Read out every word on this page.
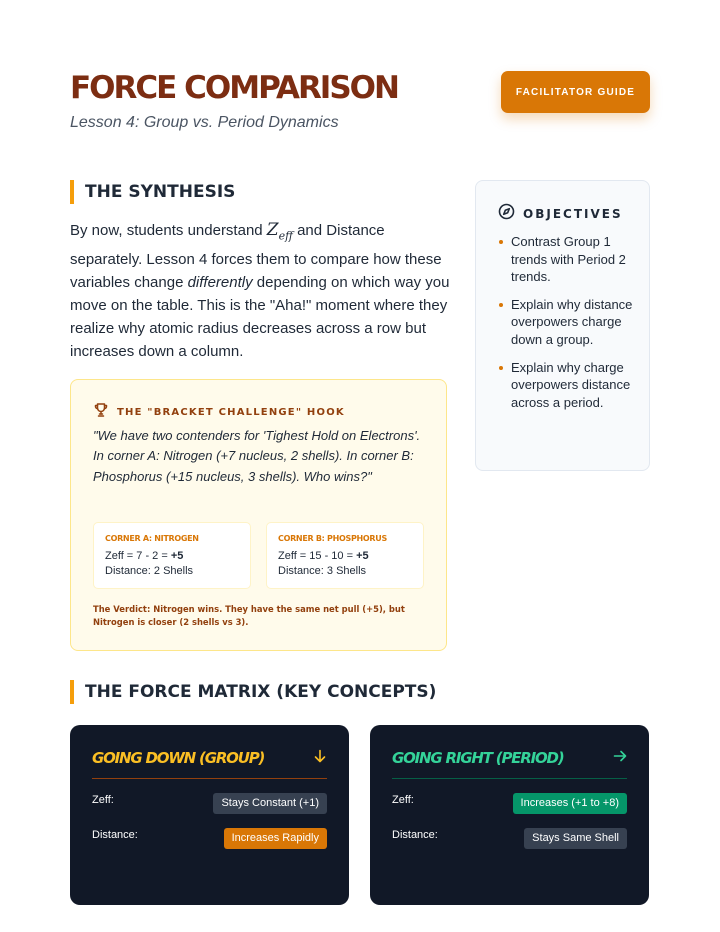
FORCE COMPARISON
Lesson 4: Group vs. Period Dynamics
FACILITATOR GUIDE
THE SYNTHESIS

By now, students understand $Z_{eff}$ and Distance separately. Lesson 4 forces them to compare how these variables change differently depending on which way you move on the table. This is the "Aha!" moment where they realize why atomic radius decreases across a row but increases down a column.

THE "BRACKET CHALLENGE" HOOK

"We have two contenders for 'Tighest Hold on Electrons'. In corner A: Nitrogen (+7 nucleus, 2 shells). In corner B: Phosphorus (+15 nucleus, 3 shells). Who wins?"

CORNER A: NITROGEN
Zeff = 7 - 2 = +5
Distance: 2 Shells
CORNER B: PHOSPHORUS
Zeff = 15 - 10 = +5
Distance: 3 Shells

The Verdict: Nitrogen wins. They have the same net pull (+5), but Nitrogen is closer (2 shells vs 3).

OBJECTIVES
Contrast Group 1 trends with Period 2 trends.
Explain why distance overpowers charge down a group.
Explain why charge overpowers distance across a period.
THE FORCE MATRIX (KEY CONCEPTS)
GOING DOWN (GROUP)
Zeff:	Stays Constant (+1)
Distance:	Increases Rapidly
GOING RIGHT (PERIOD)
Zeff:	Increases (+1 to +8)
Distance:	Stays Same Shell
